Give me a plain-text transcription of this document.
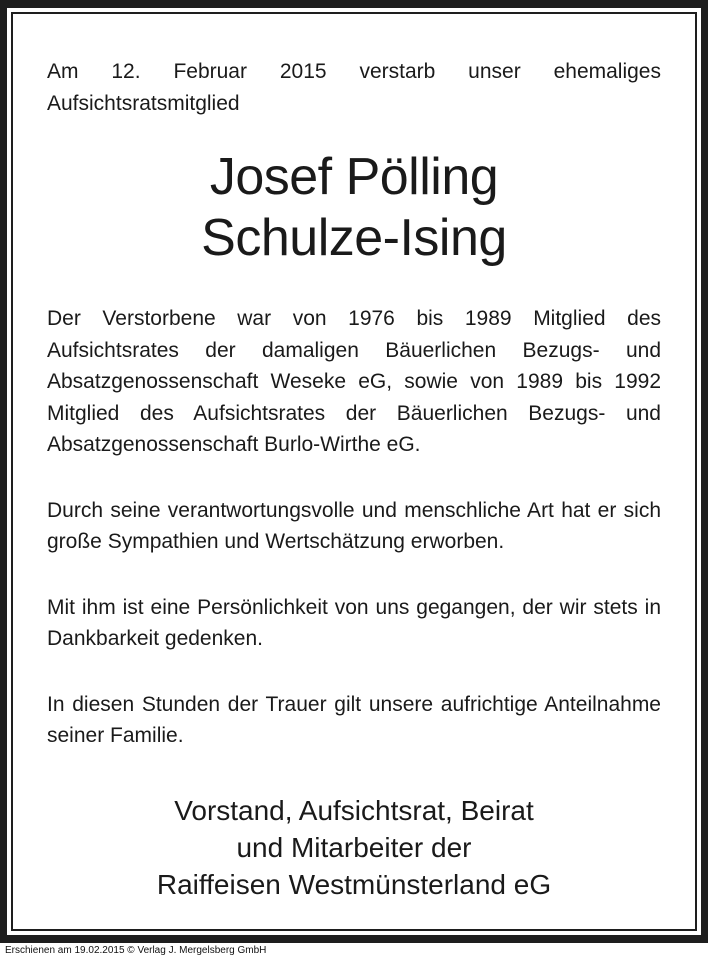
Am 12. Februar 2015 verstarb unser ehemaliges Aufsichtsratsmitglied

Josef Pölling
Schulze-Ising

Der Verstorbene war von 1976 bis 1989 Mitglied des Aufsichtsrates der damaligen Bäuerlichen Bezugs- und Absatzgenossenschaft Weseke eG, sowie von 1989 bis 1992 Mitglied des Aufsichtsrates der Bäuerlichen Bezugs- und Absatzgenossenschaft Burlo-Wirthe eG.

Durch seine verantwortungsvolle und menschliche Art hat er sich große Sympathien und Wertschätzung erworben.

Mit ihm ist eine Persönlichkeit von uns gegangen, der wir stets in Dankbarkeit gedenken.

In diesen Stunden der Trauer gilt unsere aufrichtige Anteilnahme seiner Familie.

Vorstand, Aufsichtsrat, Beirat
und Mitarbeiter der
Raiffeisen Westmünsterland eG
Erschienen am 19.02.2015 © Verlag J. Mergelsberg GmbH
